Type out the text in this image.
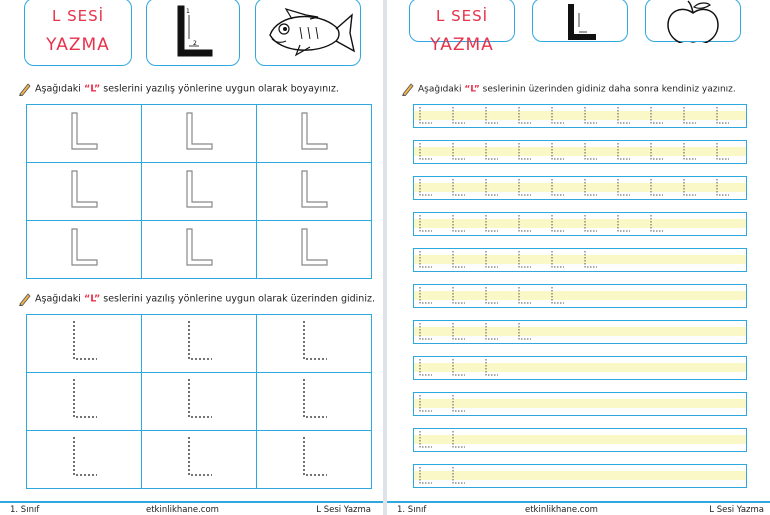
L SESİ
YAZMA
1
2
Aşağıdaki “L” seslerini yazılış yönlerine uygun olarak boyayınız.

Aşağıdaki “L” seslerini yazılış yönlerine uygun olarak üzerinden gidiniz.

1. Sınıf	etkinlikhane.com	L Sesi Yazma
L SESİ
YAZMA
Aşağıdaki “L” seslerinin üzerinden gidiniz daha sonra kendiniz yazınız.
1. Sınıf	etkinlikhane.com	L Sesi Yazma
